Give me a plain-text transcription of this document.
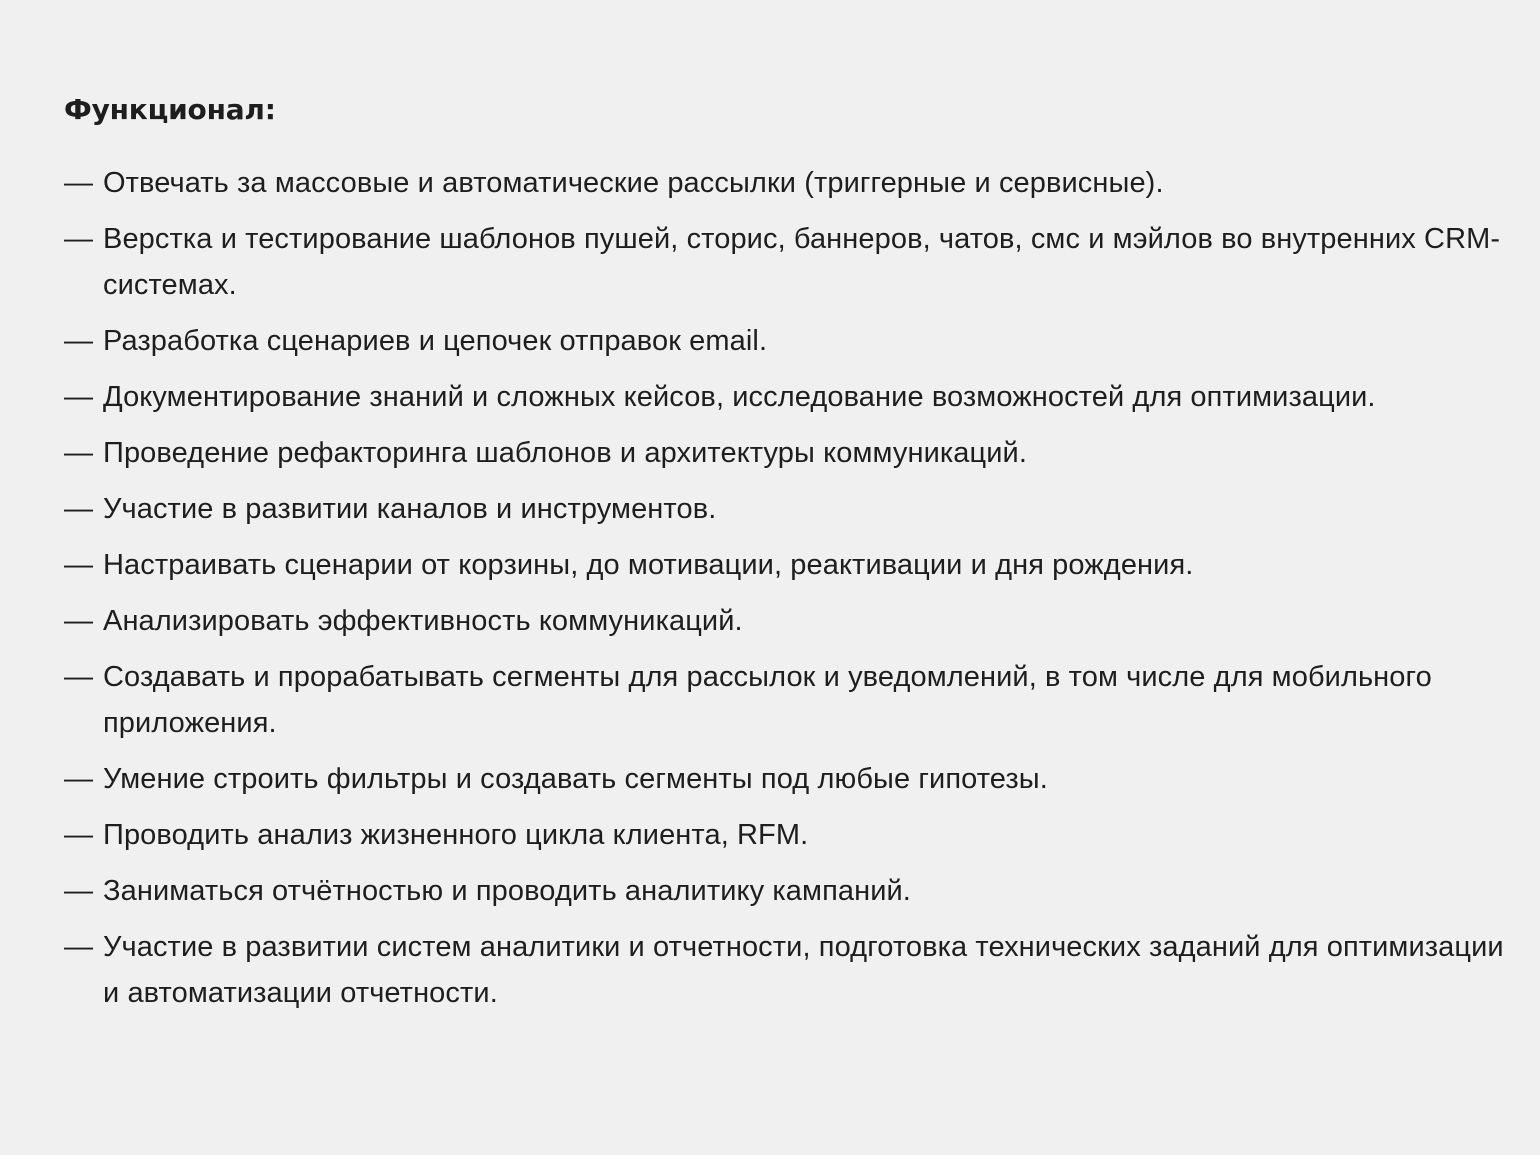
Функционал:
— Отвечать за массовые и автоматические рассылки (триггерные и сервисные).
— Верстка и тестирование шаблонов пушей, сторис, баннеров, чатов, смс и мэйлов во внутренних CRM-системах.
— Разработка сценариев и цепочек отправок email.
— Документирование знаний и сложных кейсов, исследование возможностей для оптимизации.
— Проведение рефакторинга шаблонов и архитектуры коммуникаций.
— Участие в развитии каналов и инструментов.
— Настраивать сценарии от корзины, до мотивации, реактивации и дня рождения.
— Анализировать эффективность коммуникаций.
— Создавать и прорабатывать сегменты для рассылок и уведомлений, в том числе для мобильного приложения.
— Умение строить фильтры и создавать сегменты под любые гипотезы.
— Проводить анализ жизненного цикла клиента, RFM.
— Заниматься отчётностью и проводить аналитику кампаний.
— Участие в развитии систем аналитики и отчетности, подготовка технических заданий для оптимизации и автоматизации отчетности.
